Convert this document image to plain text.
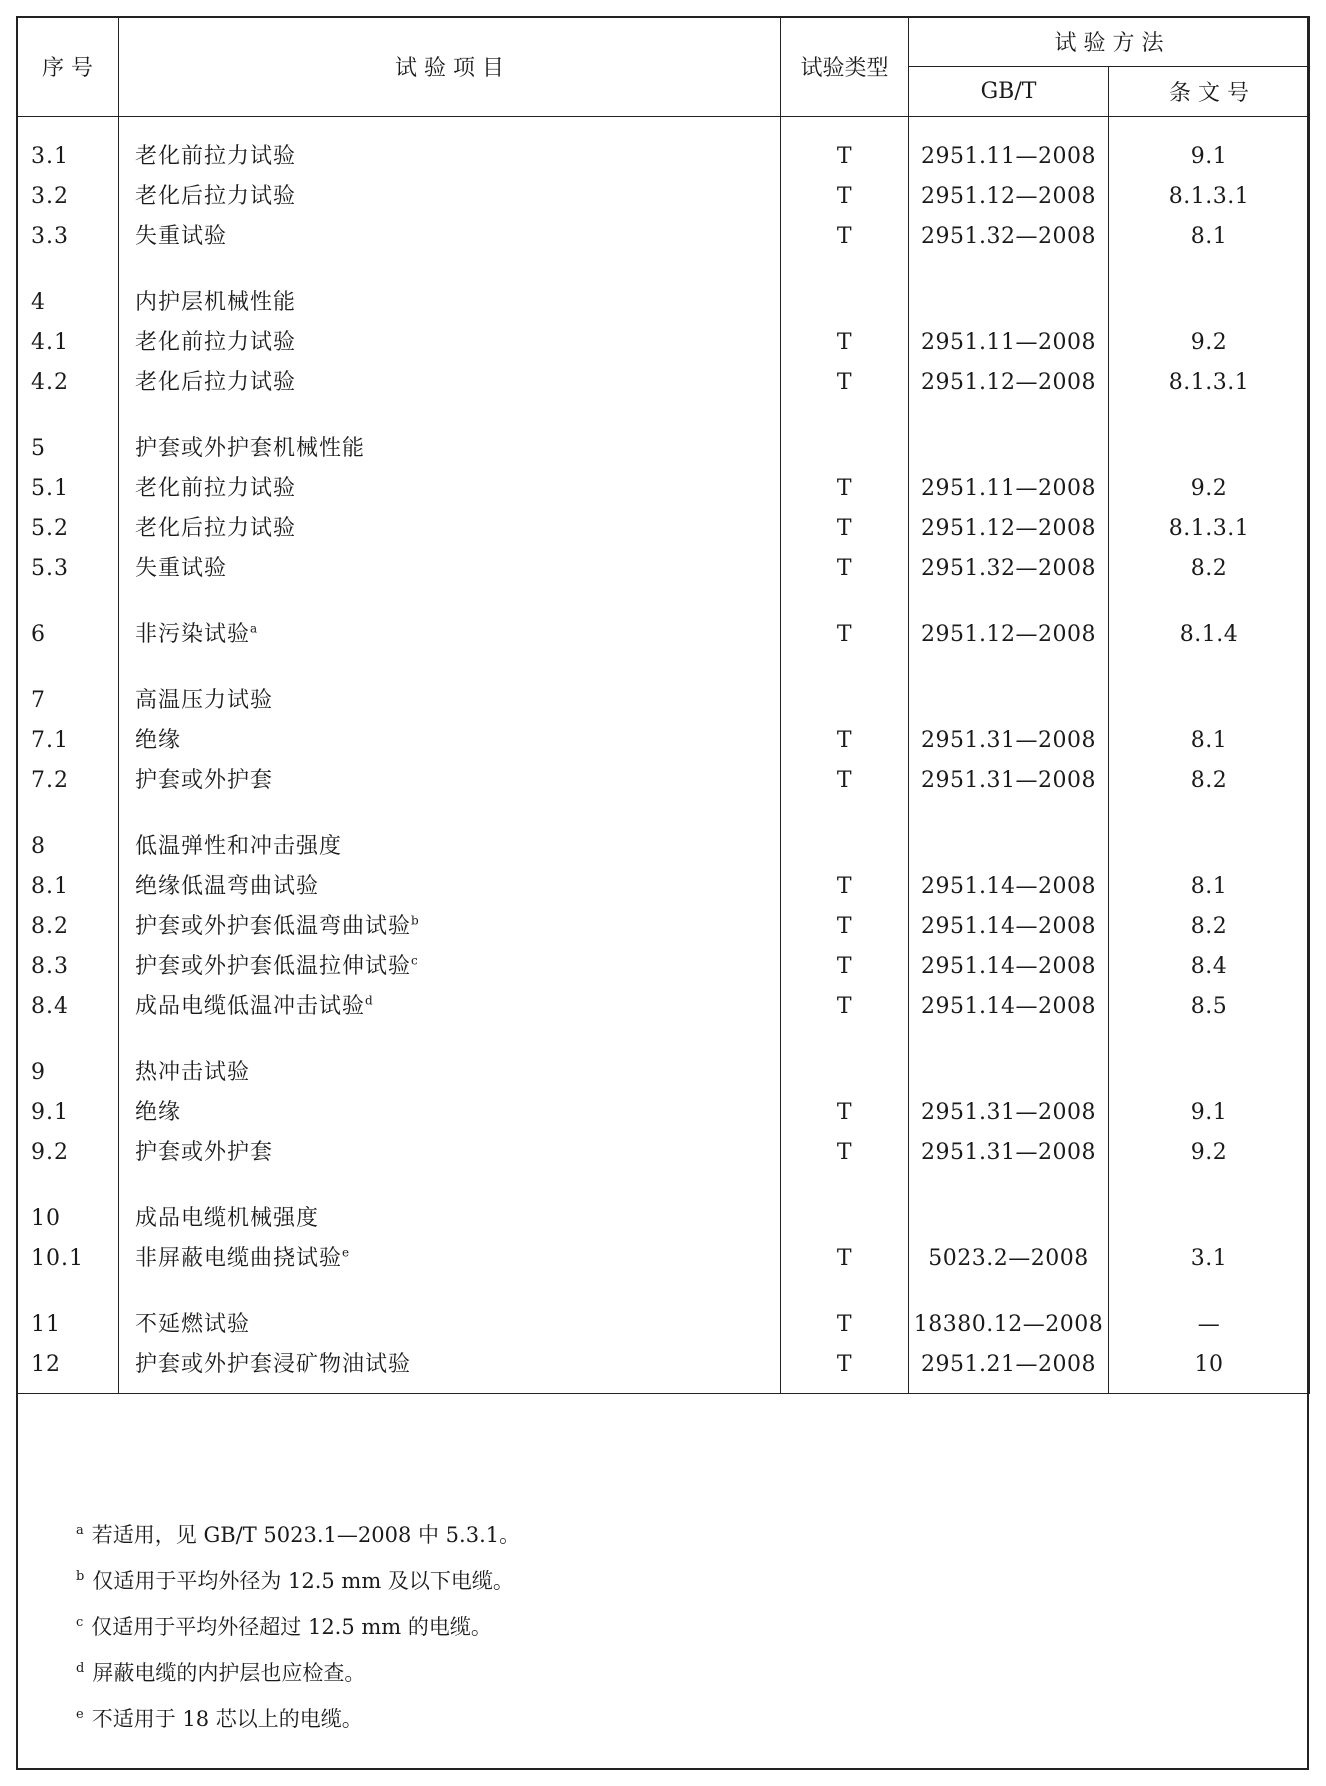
序 号	试 验 项 目	试验类型	试 验 方 法	
			GB/T	条 文 号
3.1	老化前拉力试验	T	2951.11—2008	9.1
3.2	老化后拉力试验	T	2951.12—2008	8.1.3.1
3.3	失重试验	T	2951.32—2008	8.1

4	内护层机械性能			
4.1	老化前拉力试验	T	2951.11—2008	9.2
4.2	老化后拉力试验	T	2951.12—2008	8.1.3.1

5	护套或外护套机械性能			
5.1	老化前拉力试验	T	2951.11—2008	9.2
5.2	老化后拉力试验	T	2951.12—2008	8.1.3.1
5.3	失重试验	T	2951.32—2008	8.2

6	非污染试验$^a$	T	2951.12—2008	8.1.4

7	高温压力试验			
7.1	绝缘	T	2951.31—2008	8.1
7.2	护套或外护套	T	2951.31—2008	8.2

8	低温弹性和冲击强度			
8.1	绝缘低温弯曲试验	T	2951.14—2008	8.1
8.2	护套或外护套低温弯曲试验$^b$	T	2951.14—2008	8.2
8.3	护套或外护套低温拉伸试验$^c$	T	2951.14—2008	8.4
8.4	成品电缆低温冲击试验$^d$	T	2951.14—2008	8.5

9	热冲击试验			
9.1	绝缘	T	2951.31—2008	9.1
9.2	护套或外护套	T	2951.31—2008	9.2

10	成品电缆机械强度			
10.1	非屏蔽电缆曲挠试验$^e$	T	5023.2—2008	3.1

11	不延燃试验	T	18380.12—2008	—
12	护套或外护套浸矿物油试验	T	2951.21—2008	10
$^a$ 若适用，见 GB/T 5023.1—2008 中 5.3.1。
$^b$ 仅适用于平均外径为 12.5 mm 及以下电缆。
$^c$ 仅适用于平均外径超过 12.5 mm 的电缆。
$^d$ 屏蔽电缆的内护层也应检查。
$^e$ 不适用于 18 芯以上的电缆。
